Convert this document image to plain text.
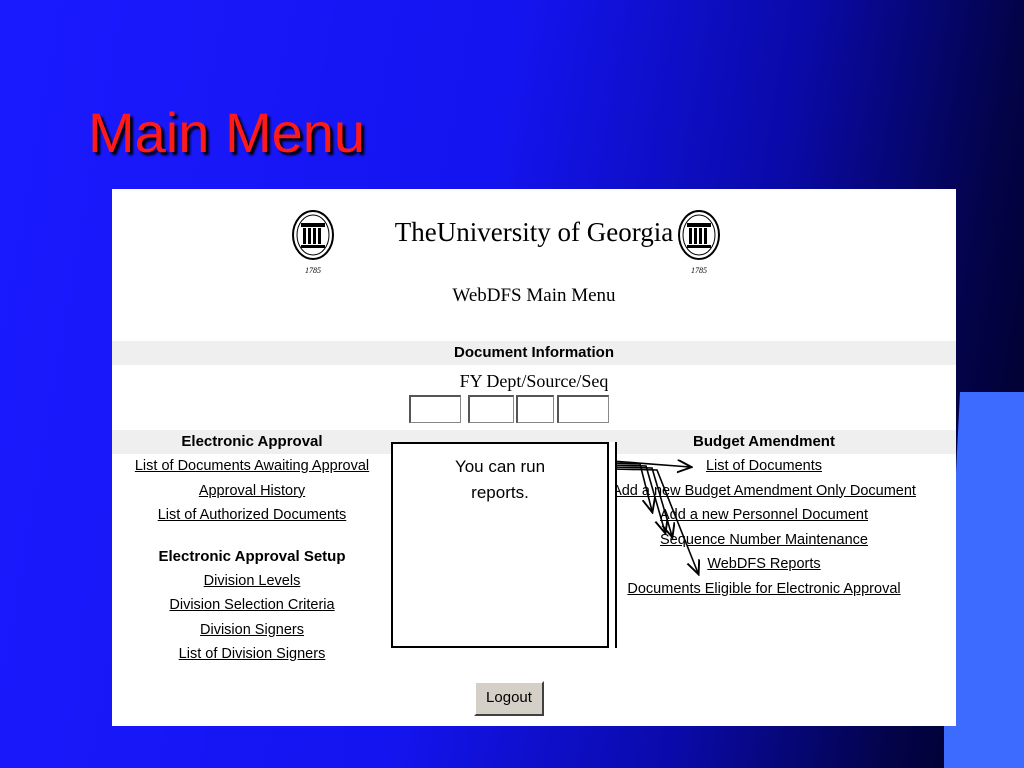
Main Menu
1785	1785
TheUniversity of Georgia
WebDFS Main Menu
Document Information
FY Dept/Source/Seq
Electronic Approval
List of Documents Awaiting Approval
Approval History
List of Authorized Documents
Electronic Approval Setup
Division Levels
Division Selection Criteria
Division Signers
List of Division Signers
Budget Amendment
List of Documents
Add a new Budget Amendment Only Document
Add a new Personnel Document
Sequence Number Maintenance
WebDFS Reports
Documents Eligible for Electronic Approval
Logout
You can run
reports.
